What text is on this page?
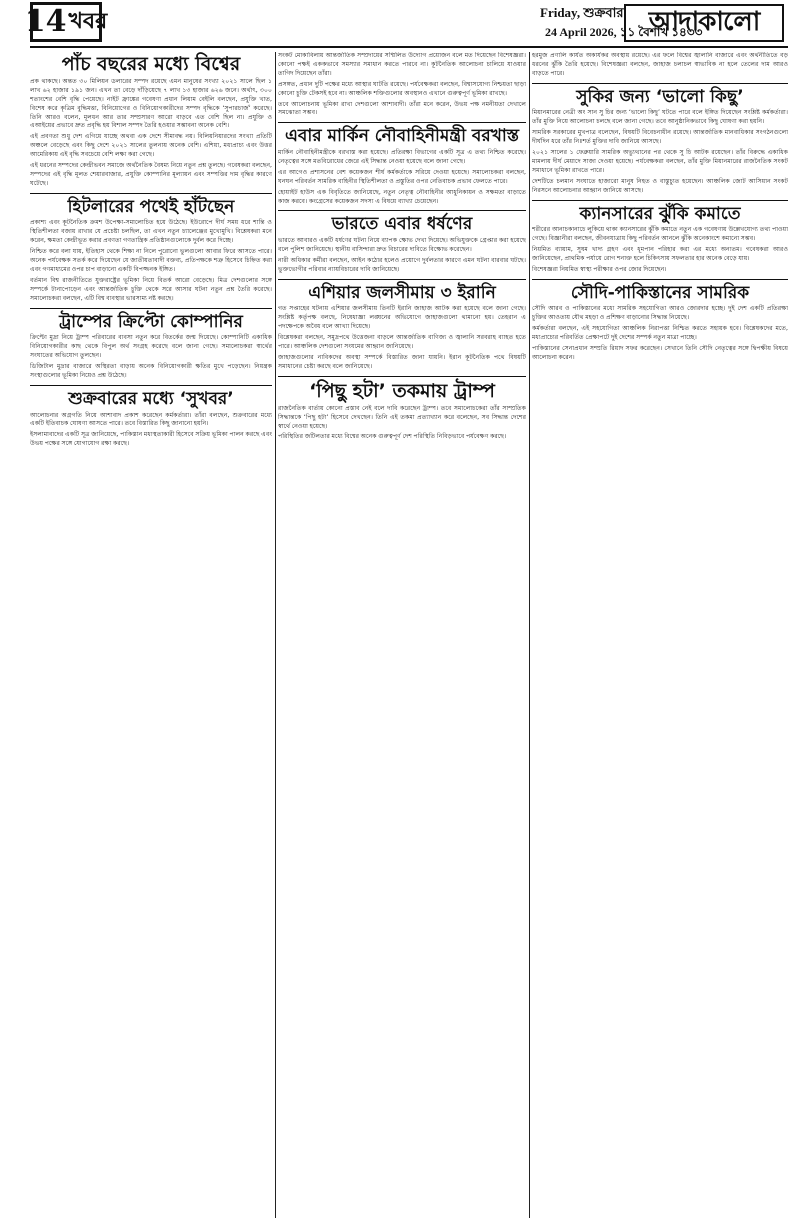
14 খবর	Friday, শুক্রবার
24 April 2026, ১১ বৈশাখ ১৪৩৩
আদাকালো
পাঁচ বছরের মধ্যে বিশ্বের

প্রক থাকছে। অন্তত ৩০ মিলিয়ন ডলারের সম্পদ রয়েছে এমন মানুষের সংখ্যা ২০২১ সালে ছিল ১ লাখ ৬২ হাজার ১৯১ জন। এখন তা বেড়ে দাঁড়িয়েছে ৭ লাখ ১৩ হাজার ৬২৬ জনে। অর্থাৎ, ৩০০ শতাংশের বেশি বৃদ্ধি পেয়েছে। নাইট ফ্রাঙ্কের গবেষণা প্রধান লিয়াম বেইলি বলছেন, প্রযুক্তি খাত, বিশেষ করে কৃত্রিম বুদ্ধিমত্তা, বিনিয়োগের ও বিনিয়োগকারীদের সম্পদ বৃদ্ধিকে ‘সুপারচার্জ’ করেছে। তিনি আরও বলেন, মূলধন আর তার সম্প্রসারণ আরো বাড়বে এত বেশি ছিল না। প্রযুক্তি ও এআইয়ের প্রভাবে দ্রুত প্রবৃদ্ধি হয় বিশাল সম্পদ তৈরি হওয়ার সম্ভাবনা অনেক বেশি।

এই প্রবণতা শুধু দেশ এগিয়ে যাচ্ছে অথবা এক দেশে সীমাবদ্ধ নয়। বিলিয়নিয়ারদের সংখ্যা প্রতিটি অঞ্চলে বেড়েছে এবং কিছু দেশে ২০২১ সালের তুলনায় অনেক বেশি। এশিয়া, মধ্যপ্রাচ্য এবং উত্তর আমেরিকায় এই বৃদ্ধি সবচেয়ে বেশি লক্ষ্য করা গেছে।

এই ধরনের সম্পদের কেন্দ্রীভবন সমাজে অর্থনৈতিক বৈষম্য নিয়ে নতুন প্রশ্ন তুলছে। গবেষকরা বলছেন, সম্পদের এই বৃদ্ধি মূলত শেয়ারবাজার, প্রযুক্তি কোম্পানির মূল্যায়ন এবং সম্পত্তির দাম বৃদ্ধির কারণে ঘটেছে।

হিটলারের পথেই হাঁটছেন

প্রকাশ্য এবং কূটনৈতিক ক্রমশ উপেক্ষা-সমালোচিত হয়ে উঠেছে। ইউরোপে দীর্ঘ সময় ধরে শান্তি ও স্থিতিশীলতা বজায় রাখার যে প্রচেষ্টা চলছিল, তা এখন নতুন চ্যালেঞ্জের মুখোমুখি। বিশ্লেষকরা মনে করেন, ক্ষমতা কেন্দ্রীভূত করার প্রবণতা গণতান্ত্রিক প্রতিষ্ঠানগুলোকে দুর্বল করে দিচ্ছে।

নিশ্চিত করে বলা যায়, ইতিহাস থেকে শিক্ষা না নিলে পুরোনো ভুলগুলো আবার ফিরে আসতে পারে। অনেক পর্যবেক্ষক সতর্ক করে দিয়েছেন যে জাতীয়তাবাদী বক্তব্য, প্রতিপক্ষকে শত্রু হিসেবে চিহ্নিত করা এবং গণমাধ্যমের ওপর চাপ বাড়ানো একটি বিপজ্জনক ইঙ্গিত।

বর্তমান বিশ্ব রাজনীতিতে যুক্তরাষ্ট্রের ভূমিকা নিয়ে বিতর্ক আরো বেড়েছে। মিত্র দেশগুলোর সঙ্গে সম্পর্কে টানাপোড়েন এবং আন্তর্জাতিক চুক্তি থেকে সরে আসার ঘটনা নতুন প্রশ্ন তৈরি করেছে। সমালোচকরা বলছেন, এটি বিশ্ব ব্যবস্থার ভারসাম্য নষ্ট করছে।

ট্রাম্পের ক্রিপ্টো কোম্পানির

ক্রিপ্টো মুদ্রা নিয়ে ট্রাম্প পরিবারের ব্যবসা নতুন করে বিতর্কের জন্ম দিয়েছে। কোম্পানিটি একাধিক বিনিয়োগকারীর কাছ থেকে বিপুল অর্থ সংগ্রহ করেছে বলে জানা গেছে। সমালোচকরা স্বার্থের সংঘাতের অভিযোগ তুলছেন।

ডিজিটাল মুদ্রার বাজারে অস্থিরতা বাড়ায় অনেক বিনিয়োগকারী ক্ষতির মুখে পড়েছেন। নিয়ন্ত্রক সংস্থাগুলোর ভূমিকা নিয়েও প্রশ্ন উঠেছে।

শুক্রবারের মধ্যে ‘সুখবর’

আলোচনার অগ্রগতি নিয়ে আশাবাদ প্রকাশ করেছেন কর্মকর্তারা। তাঁরা বলছেন, শুক্রবারের মধ্যে একটি ইতিবাচক ঘোষণা আসতে পারে। তবে বিস্তারিত কিছু জানানো হয়নি।

ইসলামাবাদের একটি সূত্র জানিয়েছে, পাকিস্তান মধ্যস্থতাকারী হিসেবে সক্রিয় ভূমিকা পালন করছে এবং উভয় পক্ষের সঙ্গে যোগাযোগ রক্ষা করছে।

সংকট মোকাবিলায় আন্তর্জাতিক সম্প্রদায়ের সম্মিলিত উদ্যোগ প্রয়োজন বলে মত দিয়েছেন বিশেষজ্ঞরা। কোনো পক্ষই এককভাবে সমস্যার সমাধান করতে পারবে না। কূটনৈতিক আলোচনা চালিয়ে যাওয়ার তাগিদ দিয়েছেন তাঁরা।

প্রসঙ্গত, প্রধান দুটি পক্ষের মধ্যে আস্থার ঘাটতি রয়েছে। পর্যবেক্ষকরা বলছেন, বিশ্বাসযোগ্য নিশ্চয়তা ছাড়া কোনো চুক্তি টেকসই হবে না। আঞ্চলিক শক্তিগুলোর অবস্থানও এখানে গুরুত্বপূর্ণ ভূমিকা রাখছে।

তবে আলোচনায় ভূমিকা রাখা দেশগুলো আশাবাদী। তাঁরা মনে করেন, উভয় পক্ষ নমনীয়তা দেখালে সমঝোতা সম্ভব।

এবার মার্কিন নৌবাহিনীমন্ত্রী বরখাস্ত

মার্কিন নৌবাহিনীমন্ত্রীকে বরখাস্ত করা হয়েছে। প্রতিরক্ষা বিভাগের একটি সূত্র এ তথ্য নিশ্চিত করেছে। নেতৃত্বের সঙ্গে মতবিরোধের জেরে এই সিদ্ধান্ত নেওয়া হয়েছে বলে জানা গেছে।

এর আগেও প্রশাসনের বেশ কয়েকজন শীর্ষ কর্মকর্তাকে সরিয়ে দেওয়া হয়েছে। সমালোচকরা বলছেন, ঘনঘন পরিবর্তন সামরিক বাহিনীর স্থিতিশীলতা ও প্রস্তুতির ওপর নেতিবাচক প্রভাব ফেলতে পারে।

হোয়াইট হাউস এক বিবৃতিতে জানিয়েছে, নতুন নেতৃত্ব নৌবাহিনীর আধুনিকায়ন ও সক্ষমতা বাড়াতে কাজ করবে। কংগ্রেসের কয়েকজন সদস্য এ বিষয়ে ব্যাখ্যা চেয়েছেন।

ভারতে এবার ধর্ষণের

ভারতে আবারও একটি ধর্ষণের ঘটনা নিয়ে ব্যাপক ক্ষোভ দেখা দিয়েছে। অভিযুক্তকে গ্রেপ্তার করা হয়েছে বলে পুলিশ জানিয়েছে। স্থানীয় বাসিন্দারা দ্রুত বিচারের দাবিতে বিক্ষোভ করেছেন।

নারী অধিকার কর্মীরা বলছেন, আইন কঠোর হলেও প্রয়োগে দুর্বলতার কারণে এমন ঘটনা বারবার ঘটছে। ভুক্তভোগীর পরিবার ন্যায়বিচারের দাবি জানিয়েছে।

এশিয়ার জলসীমায় ৩ ইরানি

গত সপ্তাহের ঘটনায় এশিয়ার জলসীমায় তিনটি ইরানি জাহাজ আটক করা হয়েছে বলে জানা গেছে। সংশ্লিষ্ট কর্তৃপক্ষ বলছে, নিষেধাজ্ঞা লঙ্ঘনের অভিযোগে জাহাজগুলো থামানো হয়। তেহরান এ পদক্ষেপকে অবৈধ বলে আখ্যা দিয়েছে।

বিশ্লেষকরা বলছেন, সমুদ্রপথে উত্তেজনা বাড়লে আন্তর্জাতিক বাণিজ্য ও জ্বালানি সরবরাহ ব্যাহত হতে পারে। আঞ্চলিক দেশগুলো সংযমের আহ্বান জানিয়েছে।

জাহাজগুলোর নাবিকদের অবস্থা সম্পর্কে বিস্তারিত জানা যায়নি। ইরান কূটনৈতিক পথে বিষয়টি সমাধানের চেষ্টা করছে বলে জানিয়েছে।

‘পিছু হটা’ তকমায় ট্রাম্প

রাজনৈতিক বার্তায় কোনো প্রস্তাব নেই বলে দাবি করেছেন ট্রাম্প। তবে সমালোচকেরা তাঁর সাম্প্রতিক সিদ্ধান্তকে ‘পিছু হটা’ হিসেবে দেখছেন। তিনি এই তকমা প্রত্যাখ্যান করে বলেছেন, সব সিদ্ধান্ত দেশের স্বার্থে নেওয়া হয়েছে।

পরিস্থিতির জটিলতার মধ্যে বিশ্বের অনেক গুরুত্বপূর্ণ দেশ পরিস্থিতি নিবিড়ভাবে পর্যবেক্ষণ করছে।

হরমুজ প্রণালি কার্যত অকার্যকর অবস্থায় রয়েছে। এর ফলে বিশ্বের জ্বালানি বাজারে এবং অর্থনীতিতে বড় ধরনের ঝুঁকি তৈরি হয়েছে। বিশেষজ্ঞরা বলছেন, জাহাজ চলাচল স্বাভাবিক না হলে তেলের দাম আরও বাড়তে পারে।

সুকির জন্য ‘ভালো কিছু’

মিয়ানমারের নেত্রী অং সান সু চির জন্য ‘ভালো কিছু’ ঘটতে পারে বলে ইঙ্গিত দিয়েছেন সংশ্লিষ্ট কর্মকর্তারা। তাঁর মুক্তি নিয়ে আলোচনা চলছে বলে জানা গেছে। তবে আনুষ্ঠানিকভাবে কিছু ঘোষণা করা হয়নি।

সামরিক সরকারের মুখপাত্র বলেছেন, বিষয়টি বিবেচনাধীন রয়েছে। আন্তর্জাতিক মানবাধিকার সংগঠনগুলো দীর্ঘদিন ধরে তাঁর নিঃশর্ত মুক্তির দাবি জানিয়ে আসছে।

২০২১ সালের ১ ফেব্রুয়ারি সামরিক অভ্যুত্থানের পর থেকে সু চি আটক রয়েছেন। তাঁর বিরুদ্ধে একাধিক মামলায় দীর্ঘ মেয়াদে সাজা দেওয়া হয়েছে। পর্যবেক্ষকরা বলছেন, তাঁর মুক্তি মিয়ানমারের রাজনৈতিক সংকট সমাধানে ভূমিকা রাখতে পারে।

দেশটিতে চলমান সংঘাতে হাজারো মানুষ নিহত ও বাস্তুচ্যুত হয়েছেন। আঞ্চলিক জোট আসিয়ান সংকট নিরসনে আলোচনার আহ্বান জানিয়ে আসছে।

ক্যানসারের ঝুঁকি কমাতে

শরীরের আনাচকানাচে লুকিয়ে থাকা ক্যানসারের ঝুঁকি কমাতে নতুন এক গবেষণায় উল্লেখযোগ্য তথ্য পাওয়া গেছে। বিজ্ঞানীরা বলছেন, জীবনযাত্রায় কিছু পরিবর্তন আনলে ঝুঁকি অনেকাংশে কমানো সম্ভব।

নিয়মিত ব্যায়াম, সুষম খাদ্য গ্রহণ এবং ধূমপান পরিহার করা এর মধ্যে অন্যতম। গবেষকরা আরও জানিয়েছেন, প্রাথমিক পর্যায়ে রোগ শনাক্ত হলে চিকিৎসায় সফলতার হার অনেক বেড়ে যায়।

বিশেষজ্ঞরা নিয়মিত স্বাস্থ্য পরীক্ষার ওপর জোর দিয়েছেন।

সৌদি-পাকিস্তানের সামরিক

সৌদি আরব ও পাকিস্তানের মধ্যে সামরিক সহযোগিতা আরও জোরদার হচ্ছে। দুই দেশ একটি প্রতিরক্ষা চুক্তির আওতায় যৌথ মহড়া ও প্রশিক্ষণ বাড়ানোর সিদ্ধান্ত নিয়েছে।

কর্মকর্তারা বলছেন, এই সহযোগিতা আঞ্চলিক নিরাপত্তা নিশ্চিত করতে সহায়ক হবে। বিশ্লেষকদের মতে, মধ্যপ্রাচ্যের পরিবর্তিত প্রেক্ষাপটে দুই দেশের সম্পর্ক নতুন মাত্রা পাচ্ছে।

পাকিস্তানের সেনাপ্রধান সম্প্রতি রিয়াদ সফর করেছেন। সেখানে তিনি সৌদি নেতৃত্বের সঙ্গে দ্বিপক্ষীয় বিষয়ে আলোচনা করেন।
